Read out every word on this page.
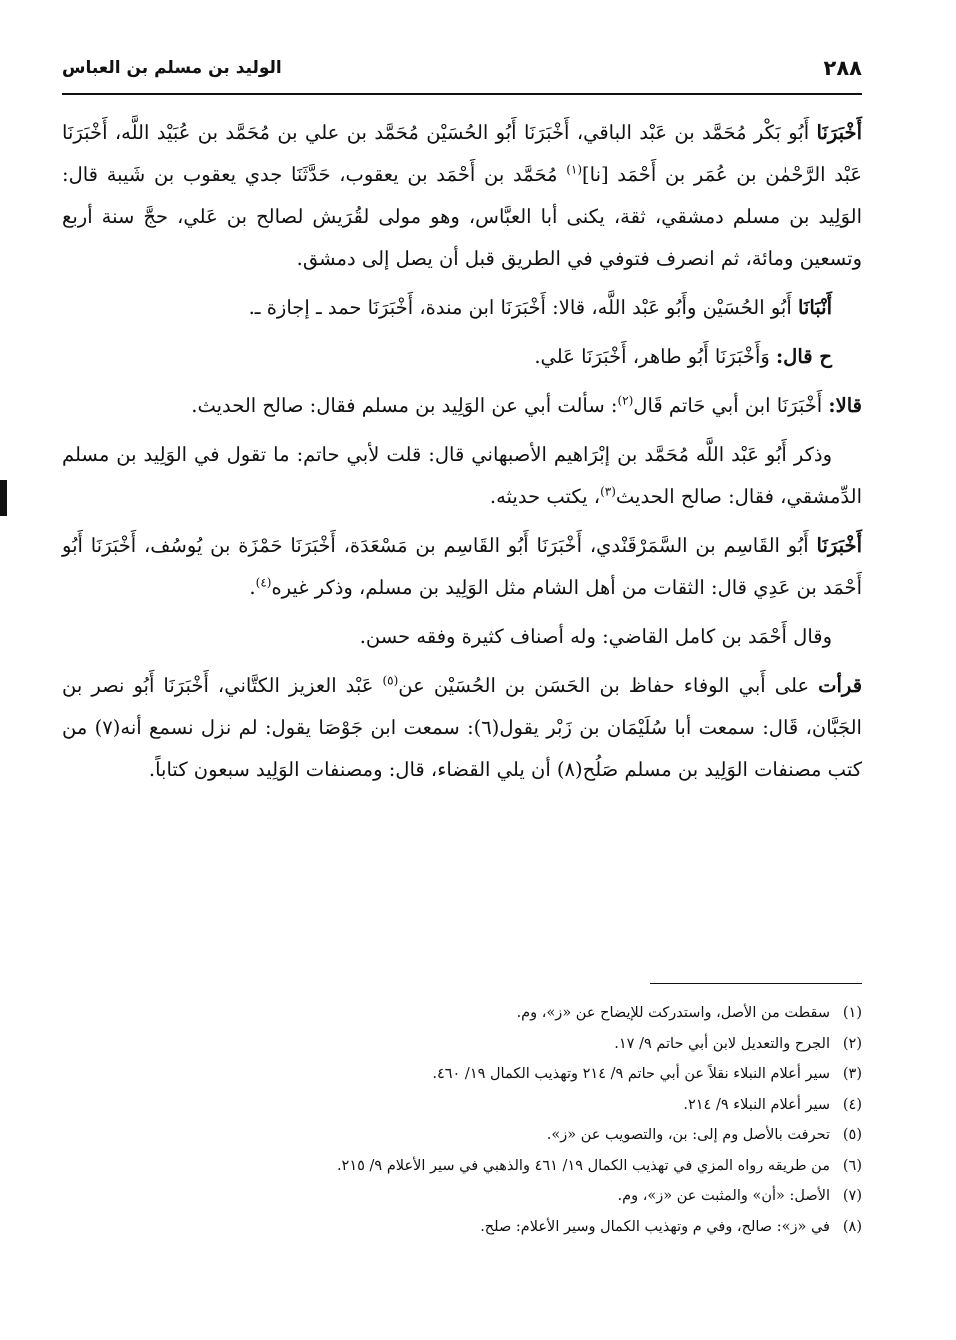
٢٨٨
الوليد بن مسلم بن العباس

أَخْبَرَنَا أَبُو بَكْر مُحَمَّد بن عَبْد الباقي، أَخْبَرَنَا أَبُو الحُسَيْن مُحَمَّد بن علي بن مُحَمَّد بن عُبَيْد اللَّه، أَخْبَرَنَا عَبْد الرَّحْمٰن بن عُمَر بن أَحْمَد [نا]$^{(١)}$ مُحَمَّد بن أَحْمَد بن يعقوب، حَدَّثَنَا جدي يعقوب بن شَيبة قال: الوَلِيد بن مسلم دمشقي، ثقة، يكنى أبا العبَّاس، وهو مولى لقُرَيش لصالح بن عَلي، حجَّ سنة أربع وتسعين ومائة، ثم انصرف فتوفي في الطريق قبل أن يصل إلى دمشق.

أَنْبَانَا أَبُو الحُسَيْن وأَبُو عَبْد اللَّه، قالا: أَخْبَرَنَا ابن مندة، أَخْبَرَنَا حمد ـ إجازة ـ.

ح قال: وَأَخْبَرَنَا أَبُو طاهر، أَخْبَرَنَا عَلي.

قالا: أَخْبَرَنَا ابن أبي حَاتم قَال$^{(٢)}$: سألت أبي عن الوَلِيد بن مسلم فقال: صالح الحديث.

وذكر أَبُو عَبْد اللَّه مُحَمَّد بن إبْرَاهيم الأصبهاني قال: قلت لأبي حاتم: ما تقول في الوَلِيد بن مسلم الدِّمشقي، فقال: صالح الحديث$^{(٣)}$، يكتب حديثه.

أَخْبَرَنَا أَبُو القَاسِم بن السَّمَرْقَنْدي، أَخْبَرَنَا أَبُو القَاسِم بن مَسْعَدَة، أَخْبَرَنَا حَمْزَة بن يُوسُف، أَخْبَرَنَا أَبُو أَحْمَد بن عَدِي قال: الثقات من أهل الشام مثل الوَلِيد بن مسلم، وذكر غيره$^{(٤)}$.

وقال أَحْمَد بن كامل القاضي: وله أصناف كثيرة وفقه حسن.

قرأت على أَبي الوفاء حفاظ بن الحَسَن بن الحُسَيْن عن$^{(٥)}$ عَبْد العزيز الكتَّاني، أَخْبَرَنَا أَبُو نصر بن الجَبَّان، قَال: سمعت أبا سُلَيْمَان بن زَبْر يقول(٦): سمعت ابن جَوْصَا يقول: لم نزل نسمع أنه(٧) من كتب مصنفات الوَلِيد بن مسلم صَلُح(٨) أن يلي القضاء، قال: ومصنفات الوَلِيد سبعون كتاباً.

(١)سقطت من الأصل، واستدركت للإيضاح عن «ز»، وم.
(٢)الجرح والتعديل لابن أبي حاتم ٩/ ١٧.
(٣)سير أعلام النبلاء نقلاً عن أبي حاتم ٩/ ٢١٤ وتهذيب الكمال ١٩/ ٤٦٠.
(٤)سير أعلام النبلاء ٩/ ٢١٤.
(٥)تحرفت بالأصل وم إلى: بن، والتصويب عن «ز».
(٦)من طريقه رواه المزي في تهذيب الكمال ١٩/ ٤٦١ والذهبي في سير الأعلام ٩/ ٢١٥.
(٧)الأصل: «أن» والمثبت عن «ز»، وم.
(٨)في «ز»: صالح، وفي م وتهذيب الكمال وسير الأعلام: صلح.
